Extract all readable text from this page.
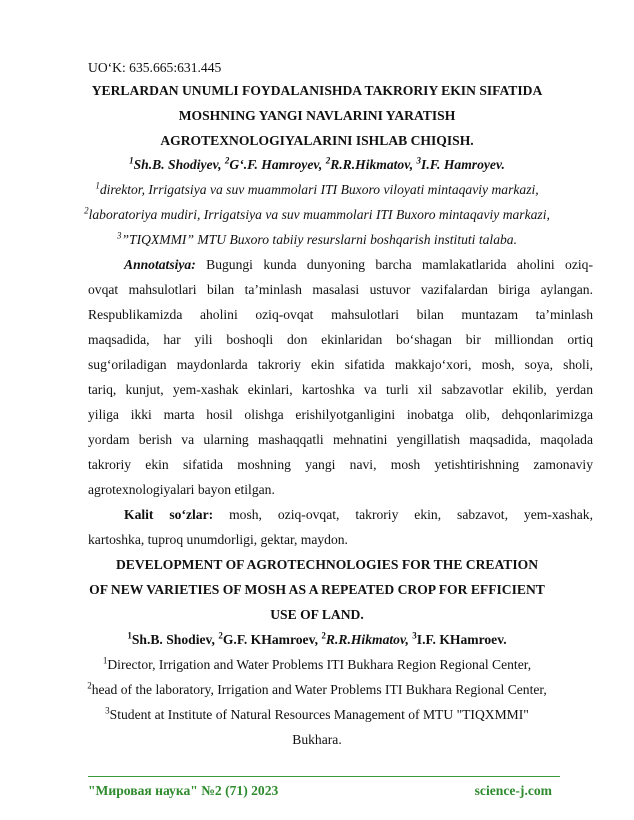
UO‘K: 635.665:631.445
YERLARDAN UNUMLI FOYDALANISHDA TAKRORIY EKIN SIFATIDA
MOSHNING YANGI NAVLARINI YARATISH
AGROTEXNOLOGIYALARINI ISHLAB CHIQISH.
$^1$Sh.B. Shodiyev, $^2$G‘.F. Hamroyev, $^2$R.R.Hikmatov, $^3$I.F. Hamroyev.
$^1$direktor, Irrigatsiya va suv muammolari ITI Buxoro viloyati mintaqaviy markazi,
$^2$laboratoriya mudiri, Irrigatsiya va suv muammolari ITI Buxoro mintaqaviy markazi,
$^3$”TIQXMMI” MTU Buxoro tabiiy resurslarni boshqarish instituti talaba.
Annotatsiya: Bugungi kunda dunyoning barcha mamlakatlarida aholini oziq-
ovqat mahsulotlari bilan ta’minlash masalasi ustuvor vazifalardan biriga aylangan.
Respublikamizda aholini oziq-ovqat mahsulotlari bilan muntazam ta’minlash
maqsadida, har yili boshoqli don ekinlaridan bo‘shagan bir milliondan ortiq
sug‘oriladigan maydonlarda takroriy ekin sifatida makkajo‘xori, mosh, soya, sholi,
tariq, kunjut, yem-xashak ekinlari, kartoshka va turli xil sabzavotlar ekilib, yerdan
yiliga ikki marta hosil olishga erishilyotganligini inobatga olib, dehqonlarimizga
yordam berish va ularning mashaqqatli mehnatini yengillatish maqsadida, maqolada
takroriy ekin sifatida moshning yangi navi, mosh yetishtirishning zamonaviy
agrotexnologiyalari bayon etilgan.
Kalit so‘zlar: mosh, oziq-ovqat, takroriy ekin, sabzavot, yem-xashak,
kartoshka, tuproq unumdorligi, gektar, maydon.
DEVELOPMENT OF AGROTECHNOLOGIES FOR THE CREATION
OF NEW VARIETIES OF MOSH AS A REPEATED CROP FOR EFFICIENT
USE OF LAND.
$^1$Sh.B. Shodiev, $^2$G.F. KHamroev, $^2$R.R.Hikmatov, $^3$I.F. KHamroev.
$^1$Director, Irrigation and Water Problems ITI Bukhara Region Regional Center,
$^2$head of the laboratory, Irrigation and Water Problems ITI Bukhara Regional Center,
$^3$Student at Institute of Natural Resources Management of MTU "TIQXMMI"
Bukhara.
"Мировая наука" №2 (71) 2023	science-j.com
